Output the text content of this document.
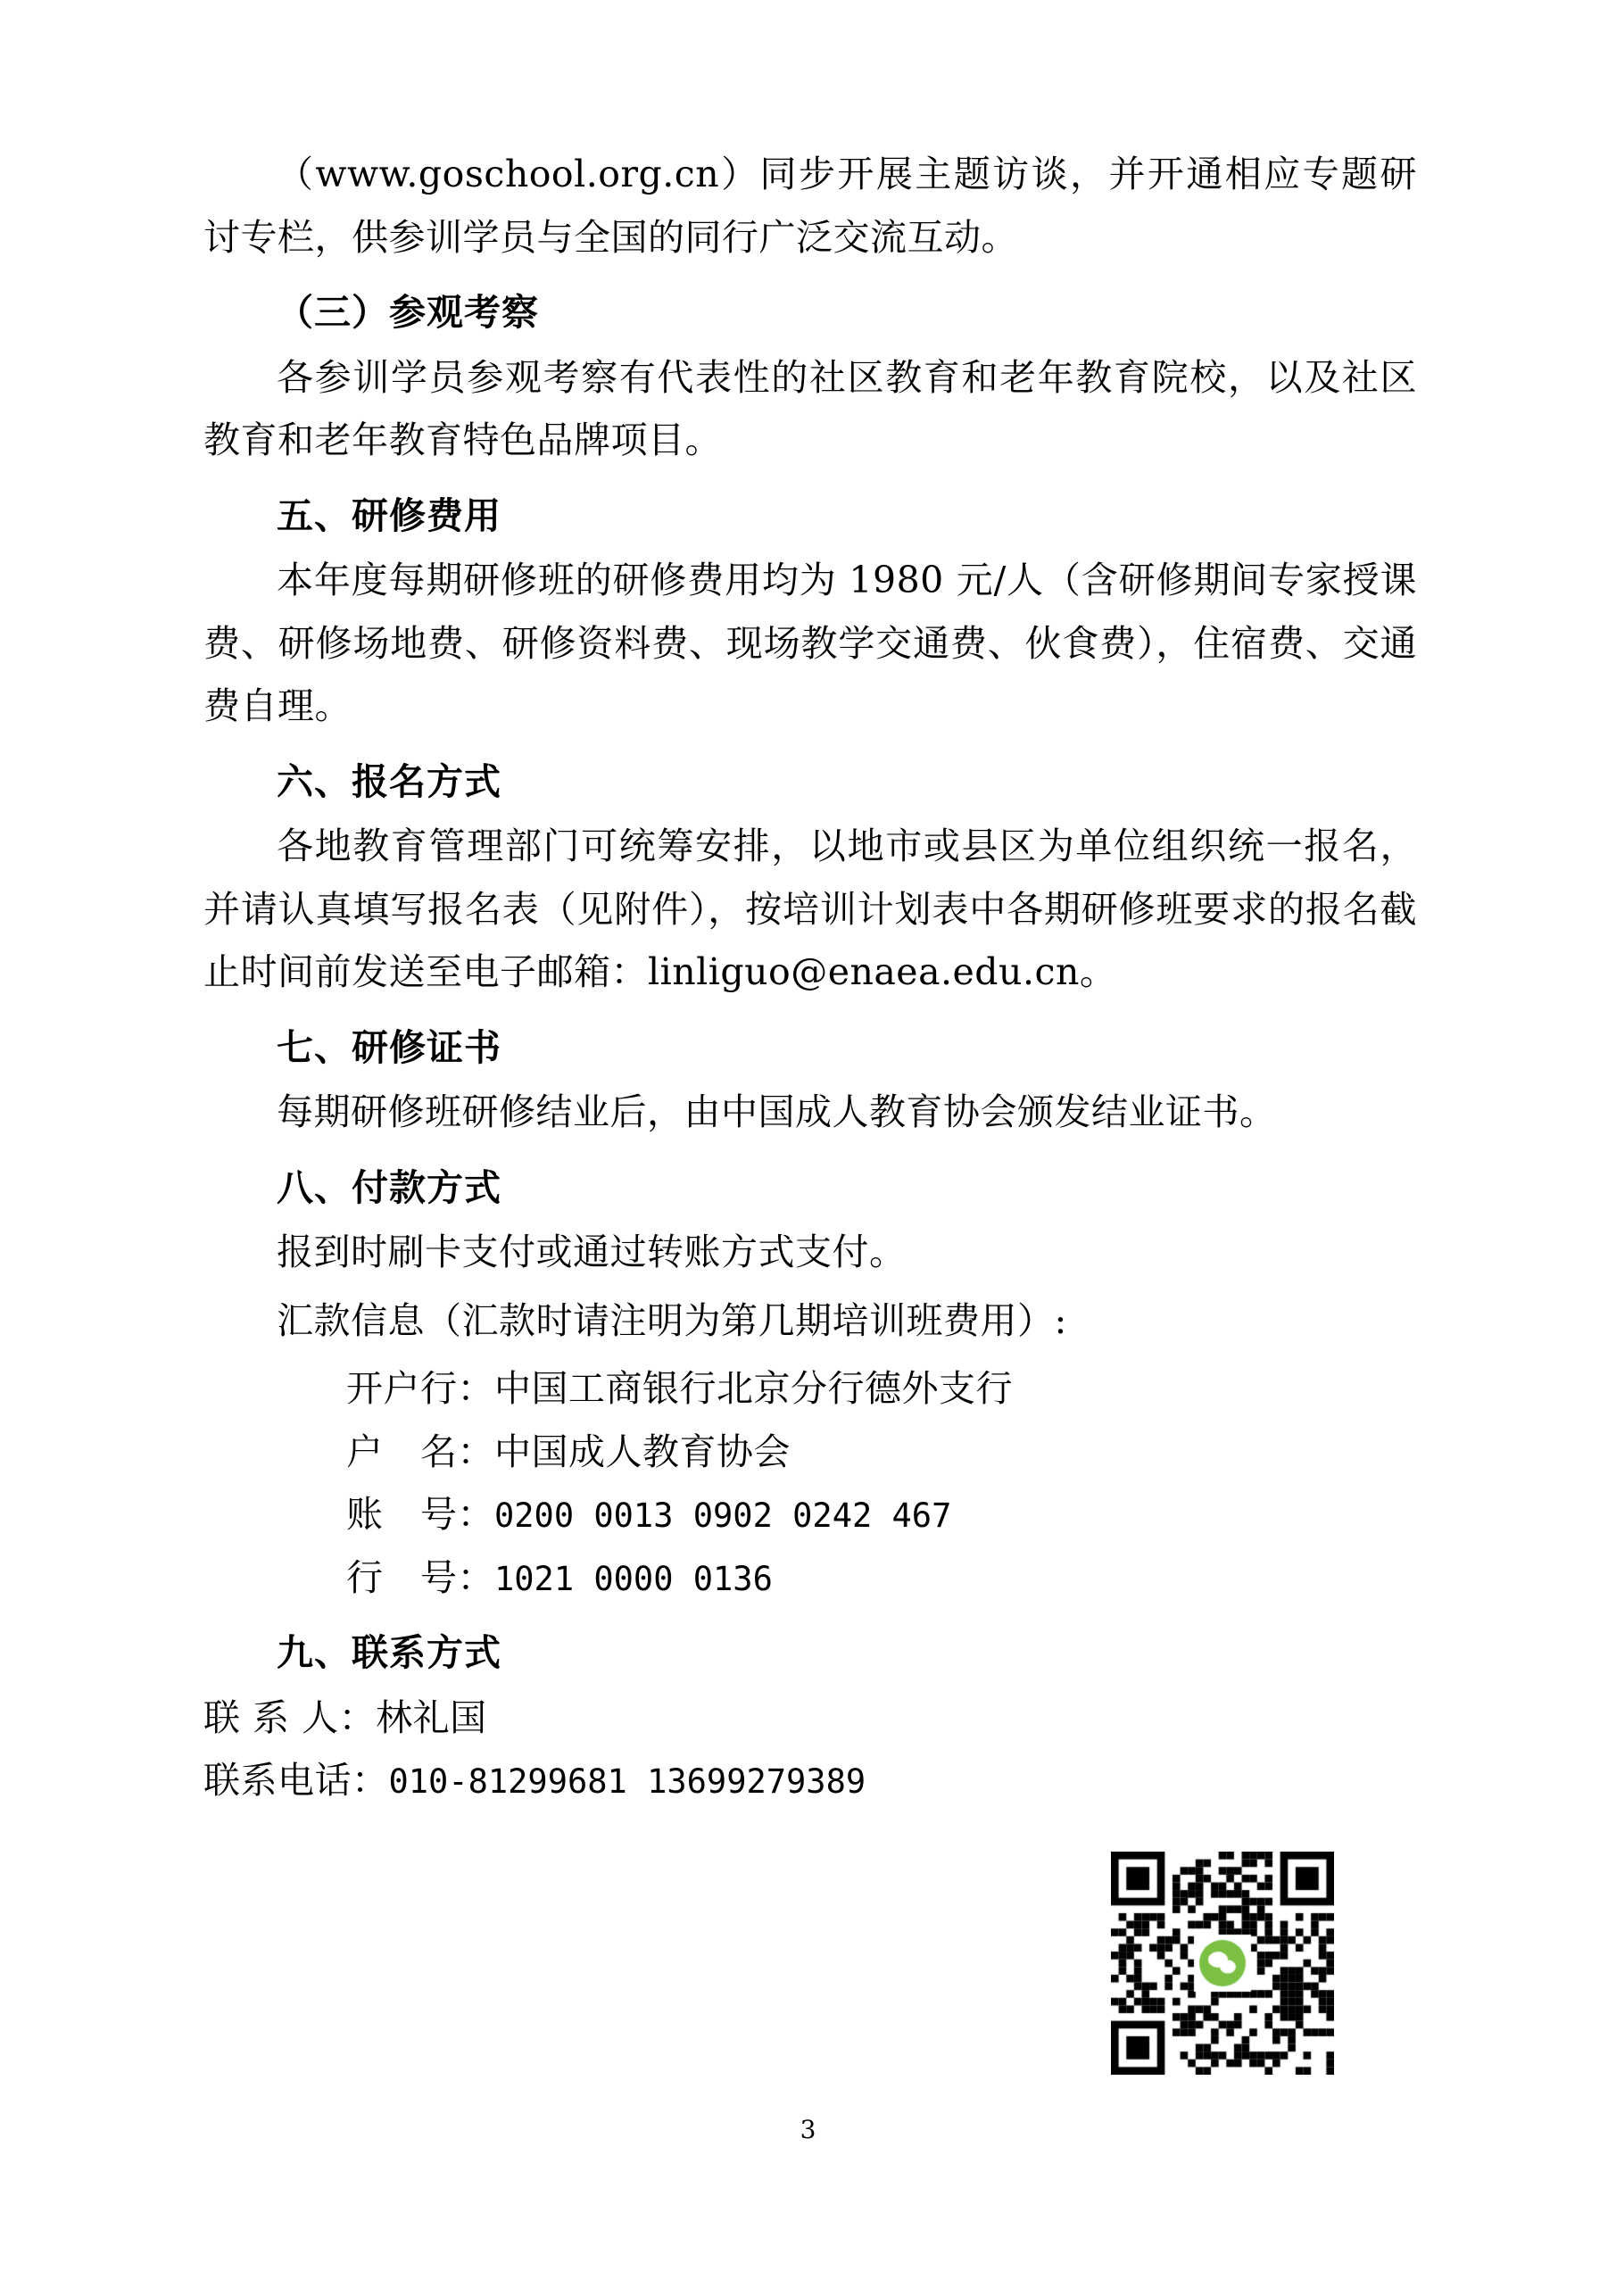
（www.goschool.org.cn）同步开展主题访谈，并开通相应专题研讨专栏，供参训学员与全国的同行广泛交流互动。

（三）参观考察

各参训学员参观考察有代表性的社区教育和老年教育院校，以及社区教育和老年教育特色品牌项目。

五、研修费用

本年度每期研修班的研修费用均为 1980 元/人（含研修期间专家授课费、研修场地费、研修资料费、现场教学交通费、伙食费），住宿费、交通费自理。

六、报名方式

各地教育管理部门可统筹安排，以地市或县区为单位组织统一报名，并请认真填写报名表（见附件），按培训计划表中各期研修班要求的报名截止时间前发送至电子邮箱：linliguo@enaea.edu.cn。

七、研修证书

每期研修班研修结业后，由中国成人教育协会颁发结业证书。

八、付款方式

报到时刷卡支付或通过转账方式支付。

汇款信息（汇款时请注明为第几期培训班费用）:

开户行：中国工商银行北京分行德外支行

户　名：中国成人教育协会

账　号：0200 0013 0902 0242 467

行　号：1021 0000 0136

九、联系方式

联 系 人：林礼国

联系电话：010-81299681 13699279389

3
